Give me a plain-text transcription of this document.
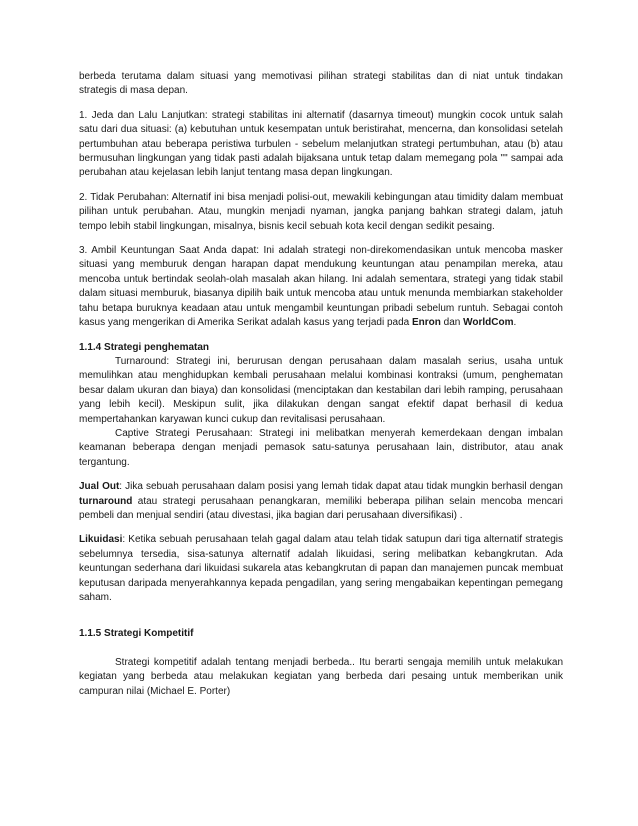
berbeda terutama dalam situasi yang memotivasi pilihan strategi stabilitas dan di niat untuk tindakan strategis di masa depan.

1. Jeda dan Lalu Lanjutkan: strategi stabilitas ini alternatif (dasarnya timeout) mungkin cocok untuk salah satu dari dua situasi: (a) kebutuhan untuk kesempatan untuk beristirahat, mencerna, dan konsolidasi setelah pertumbuhan atau beberapa peristiwa turbulen - sebelum melanjutkan strategi pertumbuhan, atau (b) atau bermusuhan lingkungan yang tidak pasti adalah bijaksana untuk tetap dalam memegang pola "" sampai ada perubahan atau kejelasan lebih lanjut tentang masa depan lingkungan.

2. Tidak Perubahan: Alternatif ini bisa menjadi polisi-out, mewakili kebingungan atau timidity dalam membuat pilihan untuk perubahan. Atau, mungkin menjadi nyaman, jangka panjang bahkan strategi dalam, jatuh tempo lebih stabil lingkungan, misalnya, bisnis kecil sebuah kota kecil dengan sedikit pesaing.

3. Ambil Keuntungan Saat Anda dapat: Ini adalah strategi non-direkomendasikan untuk mencoba masker situasi yang memburuk dengan harapan dapat mendukung keuntungan atau penampilan mereka, atau mencoba untuk bertindak seolah-olah masalah akan hilang. Ini adalah sementara, strategi yang tidak stabil dalam situasi memburuk, biasanya dipilih baik untuk mencoba atau untuk menunda membiarkan stakeholder tahu betapa buruknya keadaan atau untuk mengambil keuntungan pribadi sebelum runtuh. Sebagai contoh kasus yang mengerikan di Amerika Serikat adalah kasus yang terjadi pada Enron dan WorldCom.

1.1.4 Strategi penghematan

Turnaround: Strategi ini, berurusan dengan perusahaan dalam masalah serius, usaha untuk memulihkan atau menghidupkan kembali perusahaan melalui kombinasi kontraksi (umum, penghematan besar dalam ukuran dan biaya) dan konsolidasi (menciptakan dan kestabilan dari lebih ramping, perusahaan yang lebih kecil). Meskipun sulit, jika dilakukan dengan sangat efektif dapat berhasil di kedua mempertahankan karyawan kunci cukup dan revitalisasi perusahaan.

Captive Strategi Perusahaan: Strategi ini melibatkan menyerah kemerdekaan dengan imbalan keamanan beberapa dengan menjadi pemasok satu-satunya perusahaan lain, distributor, atau anak tergantung.

Jual Out: Jika sebuah perusahaan dalam posisi yang lemah tidak dapat atau tidak mungkin berhasil dengan turnaround atau strategi perusahaan penangkaran, memiliki beberapa pilihan selain mencoba mencari pembeli dan menjual sendiri (atau divestasi, jika bagian dari perusahaan diversifikasi) .

Likuidasi: Ketika sebuah perusahaan telah gagal dalam atau telah tidak satupun dari tiga alternatif strategis sebelumnya tersedia, sisa-satunya alternatif adalah likuidasi, sering melibatkan kebangkrutan. Ada keuntungan sederhana dari likuidasi sukarela atas kebangkrutan di papan dan manajemen puncak membuat keputusan daripada menyerahkannya kepada pengadilan, yang sering mengabaikan kepentingan pemegang saham.

1.1.5 Strategi Kompetitif

Strategi kompetitif adalah tentang menjadi berbeda.. Itu berarti sengaja memilih untuk melakukan kegiatan yang berbeda atau melakukan kegiatan yang berbeda dari pesaing untuk memberikan unik campuran nilai (Michael E. Porter)
